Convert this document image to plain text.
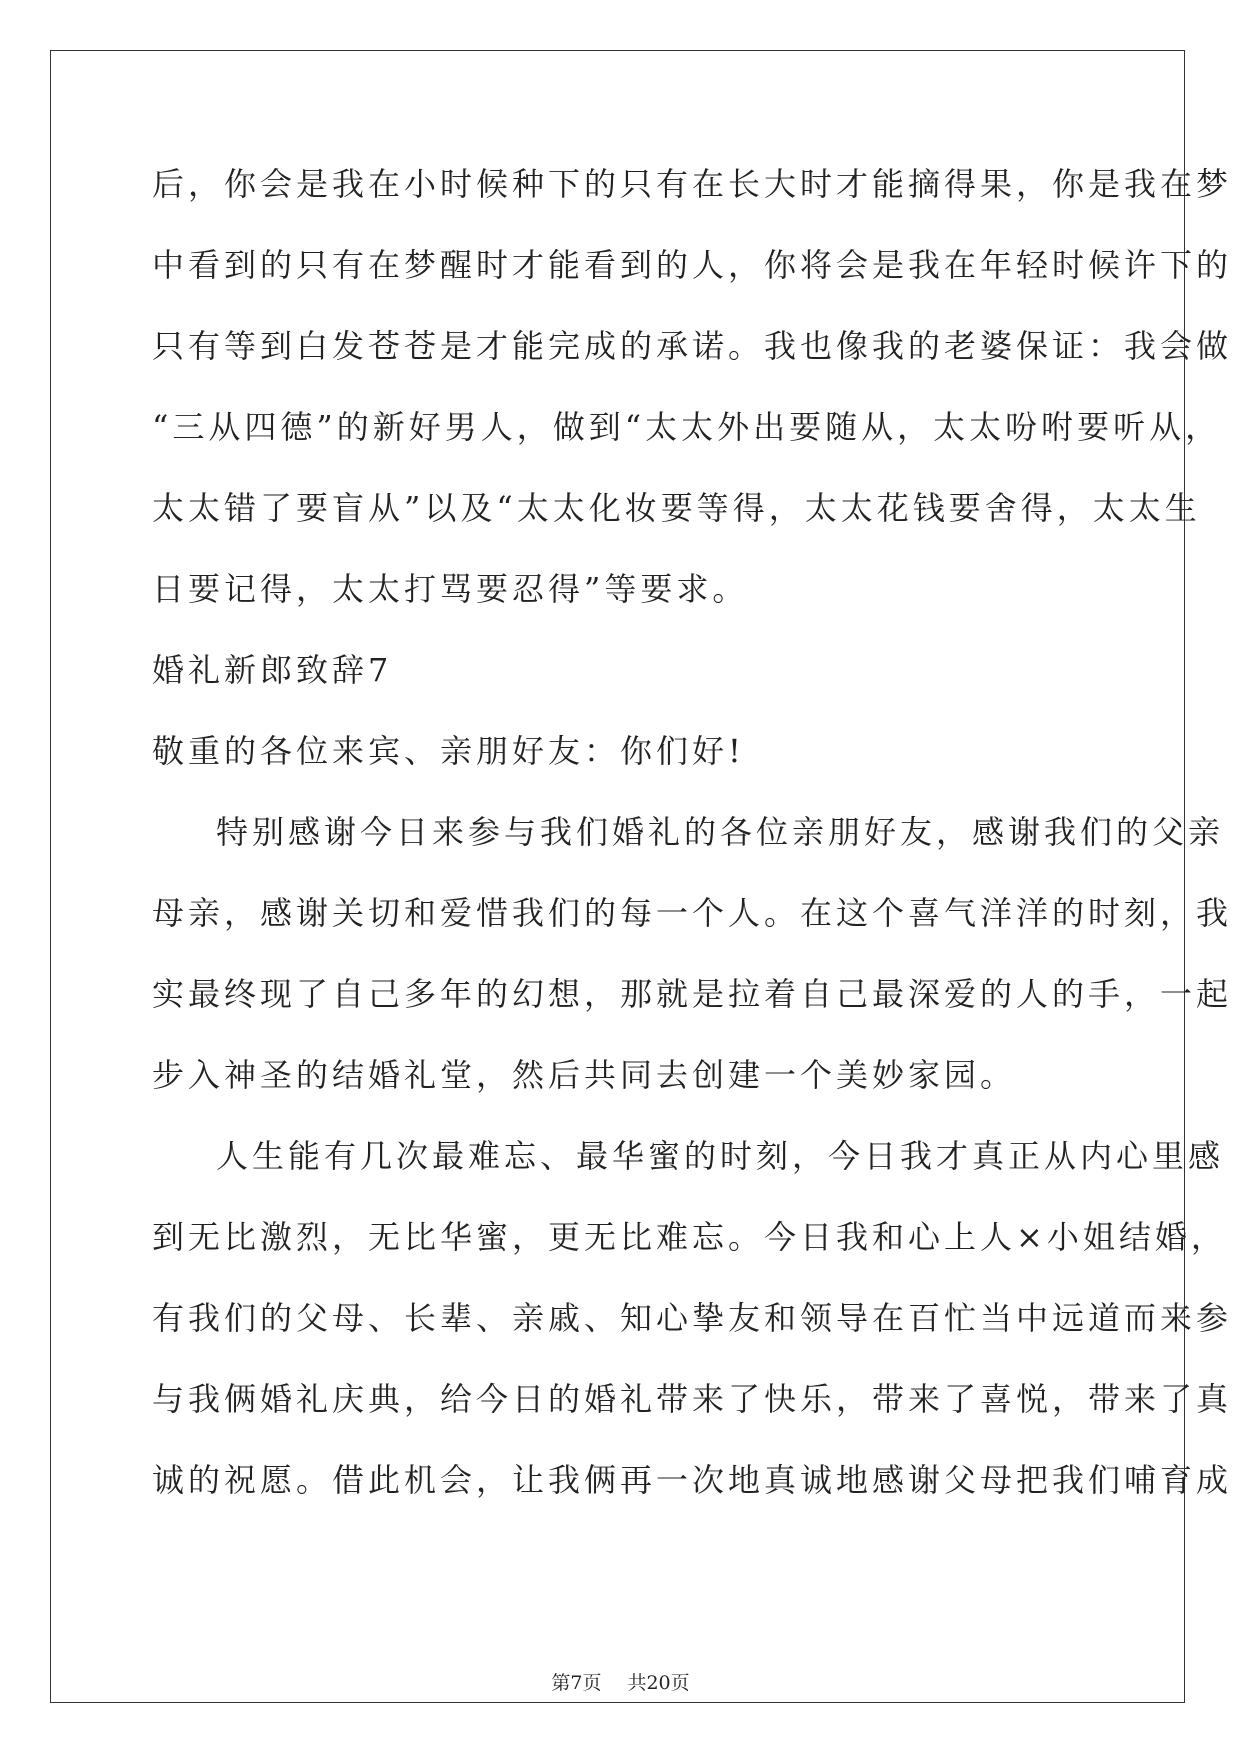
后，你会是我在小时候种下的只有在长大时才能摘得果，你是我在梦
中看到的只有在梦醒时才能看到的人，你将会是我在年轻时候许下的
只有等到白发苍苍是才能完成的承诺。我也像我的老婆保证：我会做
“三从四德”的新好男人，做到“太太外出要随从，太太吩咐要听从，
太太错了要盲从”以及“太太化妆要等得，太太花钱要舍得，太太生
日要记得，太太打骂要忍得”等要求。
婚礼新郎致辞7
敬重的各位来宾、亲朋好友：你们好!
特别感谢今日来参与我们婚礼的各位亲朋好友，感谢我们的父亲
母亲，感谢关切和爱惜我们的每一个人。在这个喜气洋洋的时刻，我
实最终现了自己多年的幻想，那就是拉着自己最深爱的人的手，一起
步入神圣的结婚礼堂，然后共同去创建一个美妙家园。
人生能有几次最难忘、最华蜜的时刻，今日我才真正从内心里感
到无比激烈，无比华蜜，更无比难忘。今日我和心上人×小姐结婚，
有我们的父母、长辈、亲戚、知心挚友和领导在百忙当中远道而来参
与我俩婚礼庆典，给今日的婚礼带来了快乐，带来了喜悦，带来了真
诚的祝愿。借此机会，让我俩再一次地真诚地感谢父母把我们哺育成
第7页 共20页
